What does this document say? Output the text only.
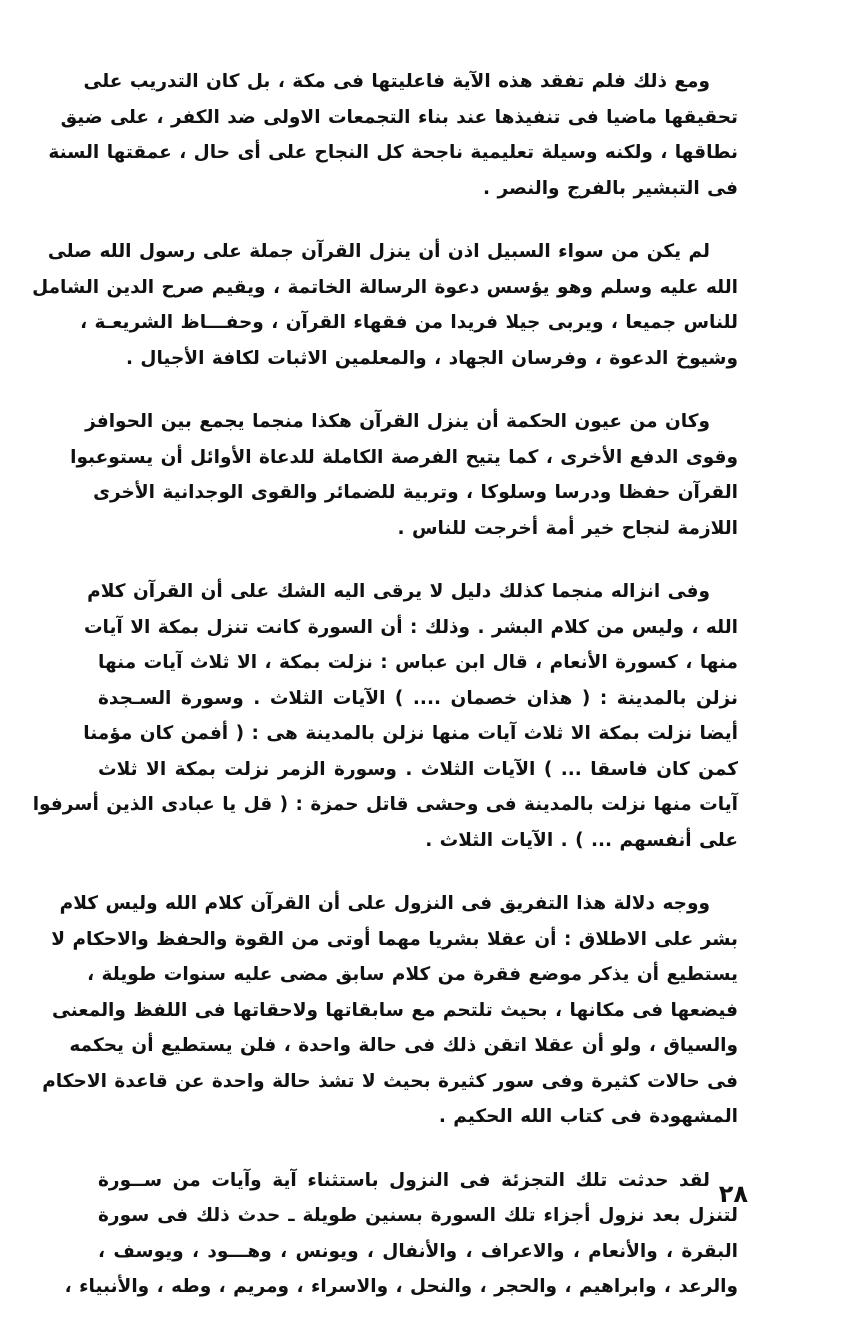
ومع ذلك فلم تفقد هذه الآية فاعليتها فى مكة ، بل كان التدريب على
تحقيقها ماضيا فى تنفيذها عند بناء التجمعات الاولى ضد الكفر ، على ضيق
نطاقها ، ولكنه وسيلة تعليمية ناجحة كل النجاح على أى حال ، عمقتها السنة
فى التبشير بالفرج والنصر .

لم يكن من سواء السبيل اذن أن ينزل القرآن جملة على رسول الله صلى
الله عليه وسلم وهو يؤسس دعوة الرسالة الخاتمة ، ويقيم صرح الدين الشامل
للناس جميعا ، ويربى جيلا فريدا من فقهاء القرآن ، وحفـــاظ الشريعـة ،
وشيوخ الدعوة ، وفرسان الجهاد ، والمعلمين الاثبات لكافة الأجيال .

وكان من عيون الحكمة أن ينزل القرآن هكذا منجما يجمع بين الحوافز
وقوى الدفع الأخرى ، كما يتيح الفرصة الكاملة للدعاة الأوائل أن يستوعبوا
القرآن حفظا ودرسا وسلوكا ، وتربية للضمائر والقوى الوجدانية الأخرى
اللازمة لنجاح خير أمة أخرجت للناس .

وفى انزاله منجما كذلك دليل لا يرقى اليه الشك على أن القرآن كلام
الله ، وليس من كلام البشر . وذلك : أن السورة كانت تنزل بمكة الا آيات
منها ، كسورة الأنعام ، قال ابن عباس : نزلت بمكة ، الا ثلاث آيات منها
نزلن بالمدينة : ( هذان خصمان .... ) الآيات الثلاث . وسورة السـجدة
أيضا نزلت بمكة الا ثلاث آيات منها نزلن بالمدينة هى : ( أفمن كان مؤمنا
كمن كان فاسقا ... ) الآيات الثلاث . وسورة الزمر نزلت بمكة الا ثلاث
آيات منها نزلت بالمدينة فى وحشى قاتل حمزة : ( قل يا عبادى الذين أسرفوا
على أنفسهم ... ) . الآيات الثلاث .

ووجه دلالة هذا التفريق فى النزول على أن القرآن كلام الله وليس كلام
بشر على الاطلاق : أن عقلا بشريا مهما أوتى من القوة والحفظ والاحكام لا
يستطيع أن يذكر موضع فقرة من كلام سابق مضى عليه سنوات طويلة ،
فيضعها فى مكانها ، بحيث تلتحم مع سابقاتها ولاحقاتها فى اللفظ والمعنى
والسياق ، ولو أن عقلا اتقن ذلك فى حالة واحدة ، فلن يستطيع أن يحكمه
فى حالات كثيرة وفى سور كثيرة بحيث لا تشذ حالة واحدة عن قاعدة الاحكام
المشهودة فى كتاب الله الحكيم .

لقد حدثت تلك التجزئة فى النزول باستثناء آية وآيات من ســورة
لتنزل بعد نزول أجزاء تلك السورة بسنين طويلة ـ حدث ذلك فى سورة
البقرة ، والأنعام ، والاعراف ، والأنفال ، ويونس ، وهـــود ، ويوسف ،
والرعد ، وابراهيم ، والحجر ، والنحل ، والاسراء ، ومريم ، وطه ، والأنبياء ،

٢٨
